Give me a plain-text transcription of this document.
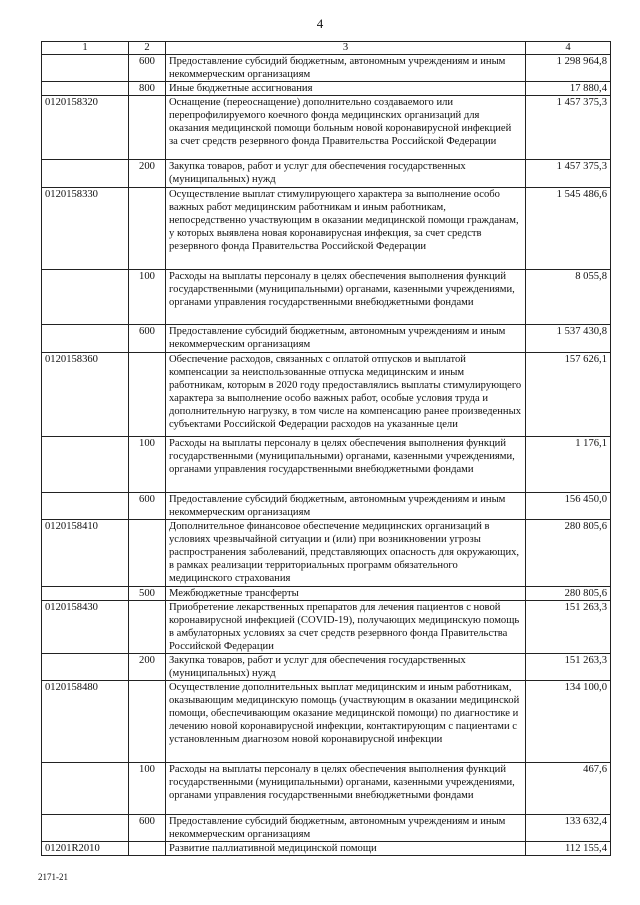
4
1	2	3	4
	600	Предоставление субсидий бюджетным, автономным учреждениям и иным некоммерческим организациям	1 298 964,8
	800	Иные бюджетные ассигнования	17 880,4
0120158320		Оснащение (переоснащение) дополнительно создаваемого или перепрофилируемого коечного фонда медицинских организаций для оказания медицинской помощи больным новой коронавирусной инфекцией за счет средств резервного фонда Правительства Российской Федерации	1 457 375,3
	200	Закупка товаров, работ и услуг для обеспечения государственных (муниципальных) нужд	1 457 375,3
0120158330		Осуществление выплат стимулирующего характера за выполнение особо важных работ медицинским работникам и иным работникам, непосредственно участвующим в оказании медицинской помощи гражданам, у которых выявлена новая коронавирусная инфекция, за счет средств резервного фонда Правительства Российской Федерации	1 545 486,6
	100	Расходы на выплаты персоналу в целях обеспечения выполнения функций государственными (муниципальными) органами, казенными учреждениями, органами управления государственными внебюджетными фондами	8 055,8
	600	Предоставление субсидий бюджетным, автономным учреждениям и иным некоммерческим организациям	1 537 430,8
0120158360		Обеспечение расходов, связанных с оплатой отпусков и выплатой компенсации за неиспользованные отпуска медицинским и иным работникам, которым в 2020 году предоставлялись выплаты стимулирующего характера за выполнение особо важных работ, особые условия труда и дополнительную нагрузку, в том числе на компенсацию ранее произведенных субъектами Российской Федерации расходов на указанные цели	157 626,1
	100	Расходы на выплаты персоналу в целях обеспечения выполнения функций государственными (муниципальными) органами, казенными учреждениями, органами управления государственными внебюджетными фондами	1 176,1
	600	Предоставление субсидий бюджетным, автономным учреждениям и иным некоммерческим организациям	156 450,0
0120158410		Дополнительное финансовое обеспечение медицинских организаций в условиях чрезвычайной ситуации и (или) при возникновении угрозы распространения заболеваний, представляющих опасность для окружающих, в рамках реализации территориальных программ обязательного медицинского страхования	280 805,6
	500	Межбюджетные трансферты	280 805,6
0120158430		Приобретение лекарственных препаратов для лечения пациентов с новой коронавирусной инфекцией (COVID-19), получающих медицинскую помощь в амбулаторных условиях за счет средств резервного фонда Правительства Российской Федерации	151 263,3
	200	Закупка товаров, работ и услуг для обеспечения государственных (муниципальных) нужд	151 263,3
0120158480		Осуществление дополнительных выплат медицинским и иным работникам, оказывающим медицинскую помощь (участвующим в оказании медицинской помощи, обеспечивающим оказание медицинской помощи) по диагностике и лечению новой коронавирусной инфекции, контактирующим с пациентами с установленным диагнозом новой коронавирусной инфекции	134 100,0
	100	Расходы на выплаты персоналу в целях обеспечения выполнения функций государственными (муниципальными) органами, казенными учреждениями, органами управления государственными внебюджетными фондами	467,6
	600	Предоставление субсидий бюджетным, автономным учреждениям и иным некоммерческим организациям	133 632,4
01201R2010		Развитие паллиативной медицинской помощи	112 155,4
2171-21
